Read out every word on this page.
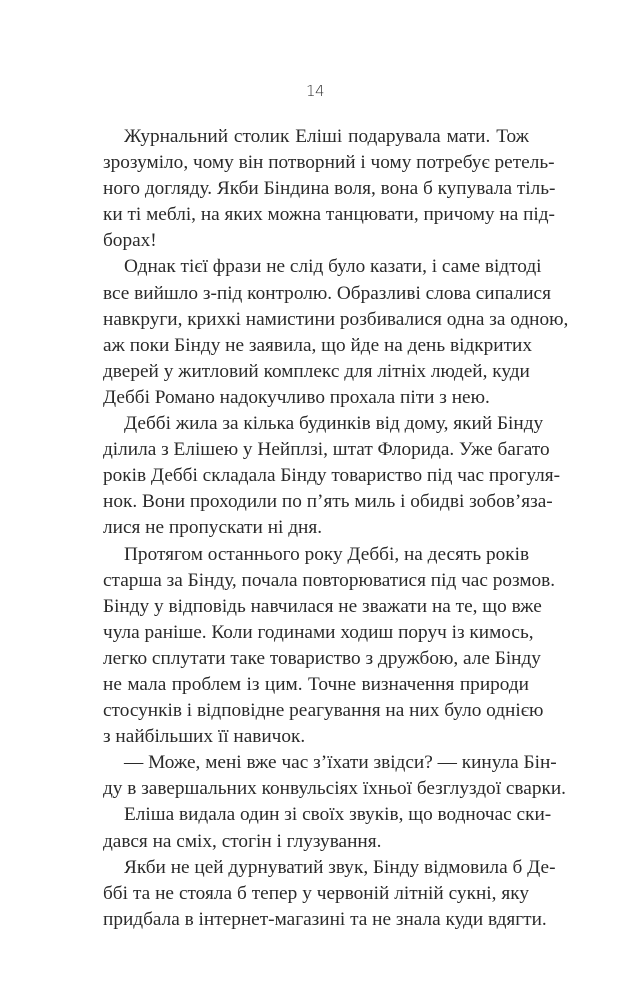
14
Журнальний столик Еліші подарувала мати. Тож
зрозуміло, чому він потворний і чому потребує ретель-
ного догляду. Якби Біндина воля, вона б купувала тіль-
ки ті меблі, на яких можна танцювати, причому на під-
борах!
Однак тієї фрази не слід було казати, і саме відтоді
все вийшло з-під контролю. Образливі слова сипалися
навкруги, крихкі намистини розбивалися одна за одною,
аж поки Бінду не заявила, що йде на день відкритих
дверей у житловий комплекс для літніх людей, куди
Деббі Романо надокучливо прохала піти з нею.
Деббі жила за кілька будинків від дому, який Бінду
ділила з Елішею у Нейплзі, штат Флорида. Уже багато
років Деббі складала Бінду товариство під час прогуля-
нок. Вони проходили по п’ять миль і обидві зобов’язa-
лися не пропускати ні дня.
Протягом останнього року Деббі, на десять років
старша за Бінду, почала повторюватися під час розмов.
Бінду у відповідь навчилася не зважати на те, що вже
чула раніше. Коли годинами ходиш поруч із кимось,
легко сплутати таке товариство з дружбою, але Бінду
не мала проблем із цим. Точне визначення природи
стосунків і відповідне реагування на них було однією
з найбільших її навичок.
— Може, мені вже час з’їхати звідси? — кинула Бін-
ду в завершальних конвульсіях їхньої безглуздої сварки.
Еліша видала один зі своїх звуків, що водночас ски-
дався на сміх, стогін і глузування.
Якби не цей дурнуватий звук, Бінду відмовила б Де-
ббі та не стояла б тепер у червоній літній сукні, яку
придбала в інтернет-магазині та не знала куди вдягти.
